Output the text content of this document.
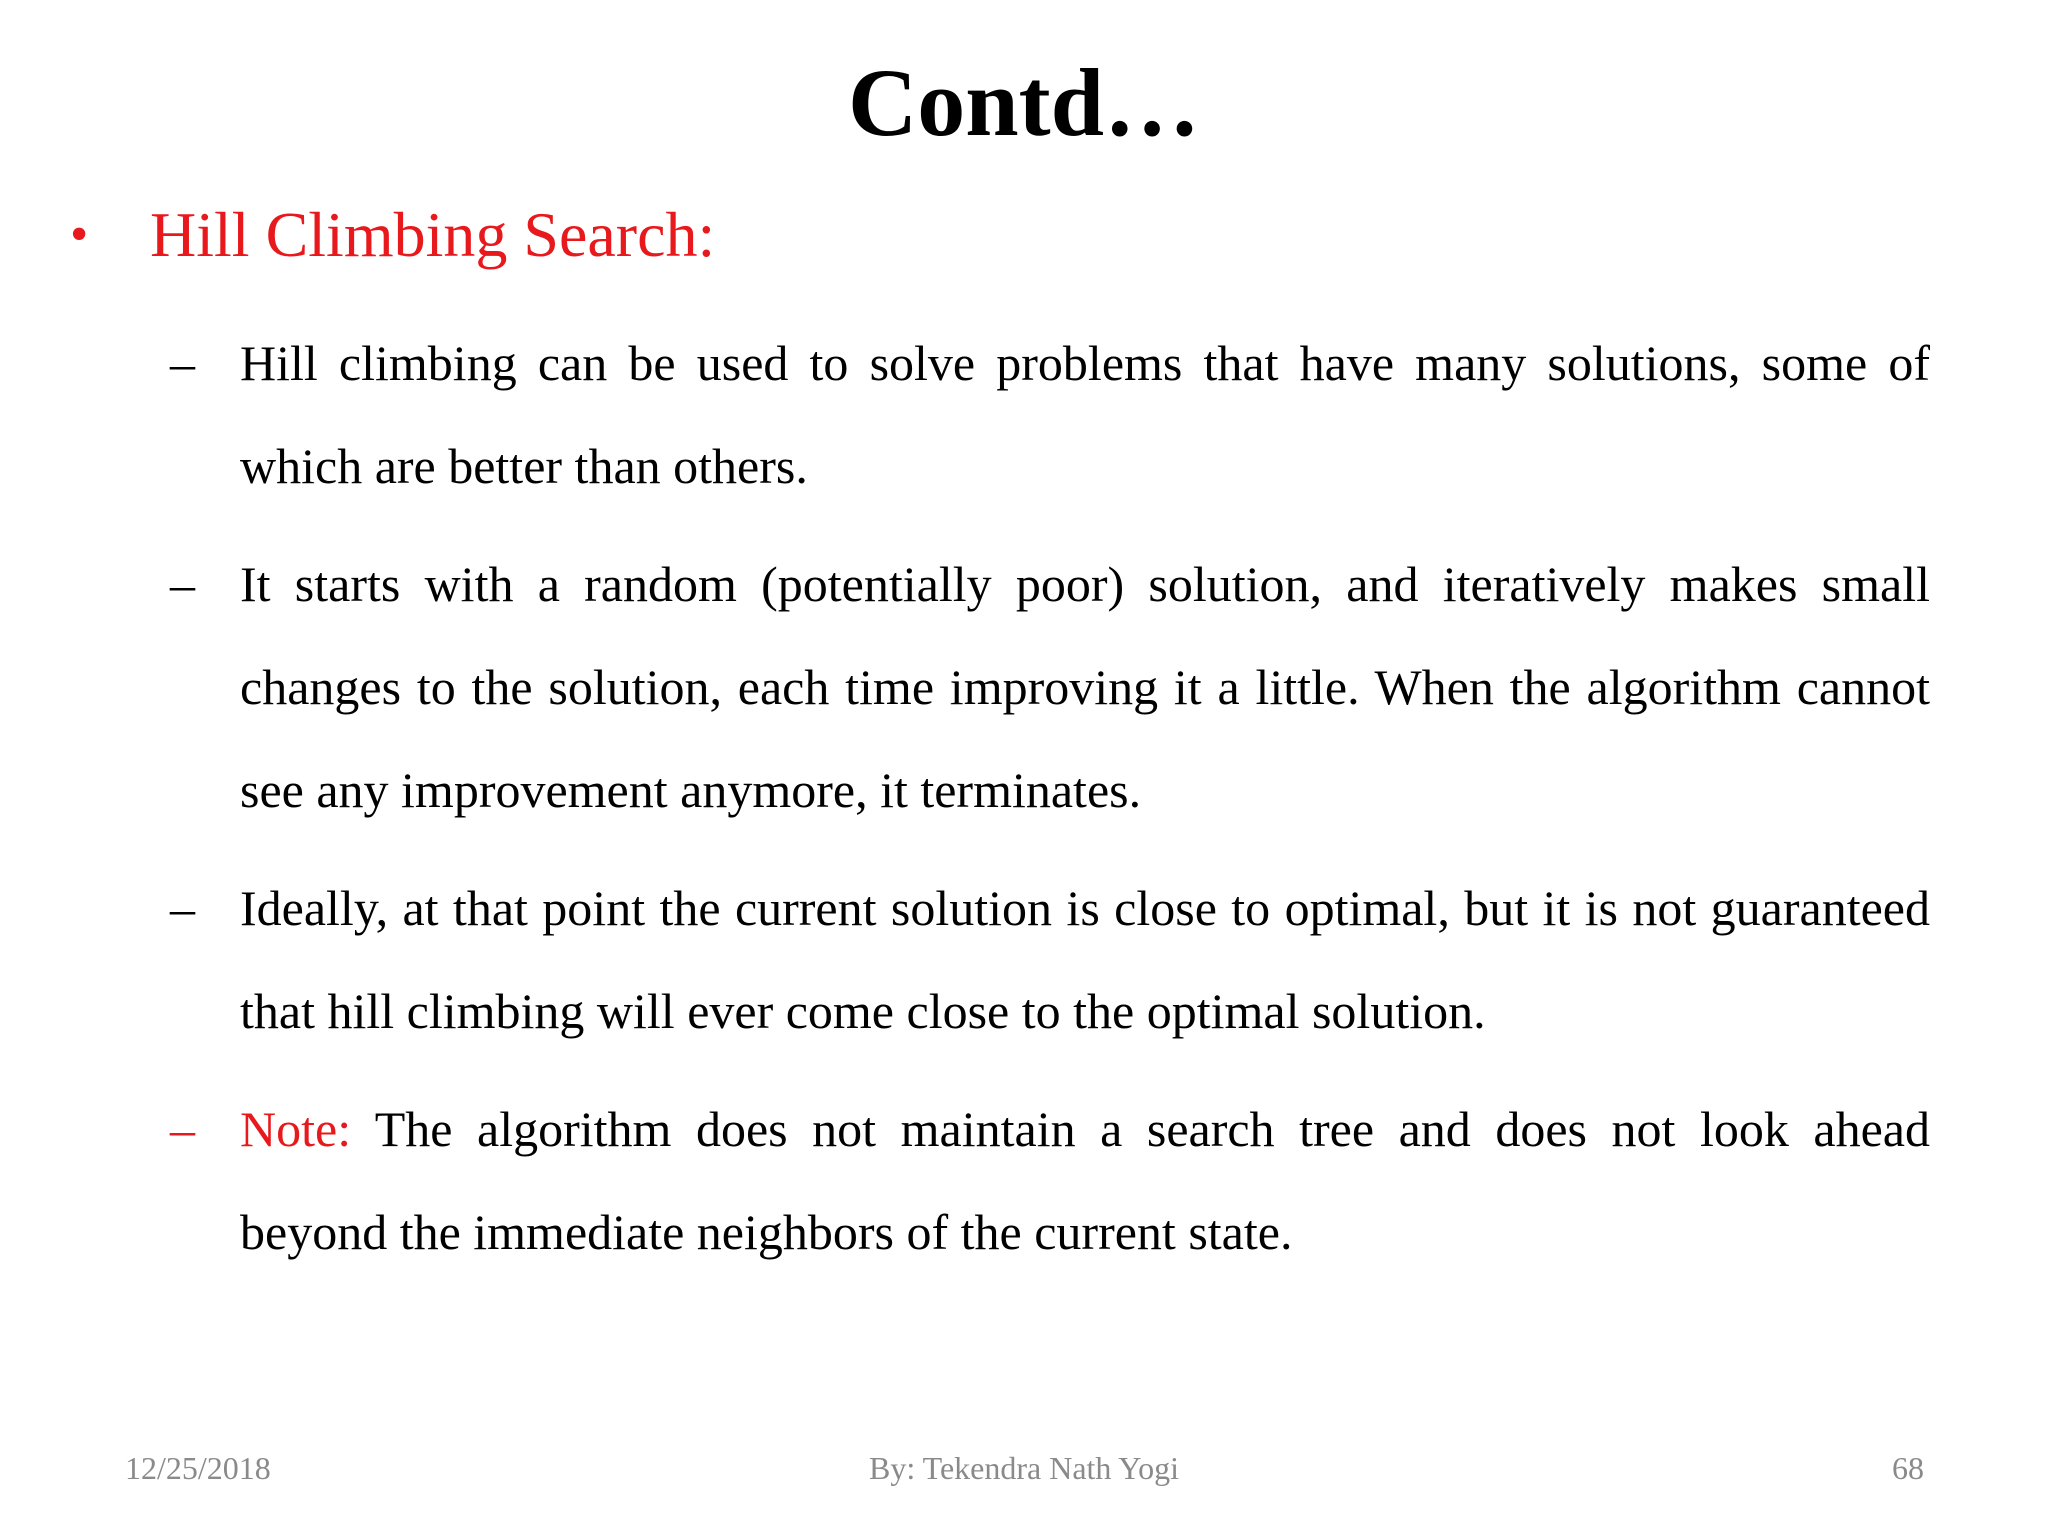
Contd…
• Hill Climbing Search:
– Hill climbing can be used to solve problems that have many solutions, some of which are better than others.
– It starts with a random (potentially poor) solution, and iteratively makes small changes to the solution, each time improving it a little. When the algorithm cannot see any improvement anymore, it terminates.
– Ideally, at that point the current solution is close to optimal, but it is not guaranteed that hill climbing will ever come close to the optimal solution.
– Note: The algorithm does not maintain a search tree and does not look ahead beyond the immediate neighbors of the current state.
12/25/2018	By: Tekendra Nath Yogi	68
